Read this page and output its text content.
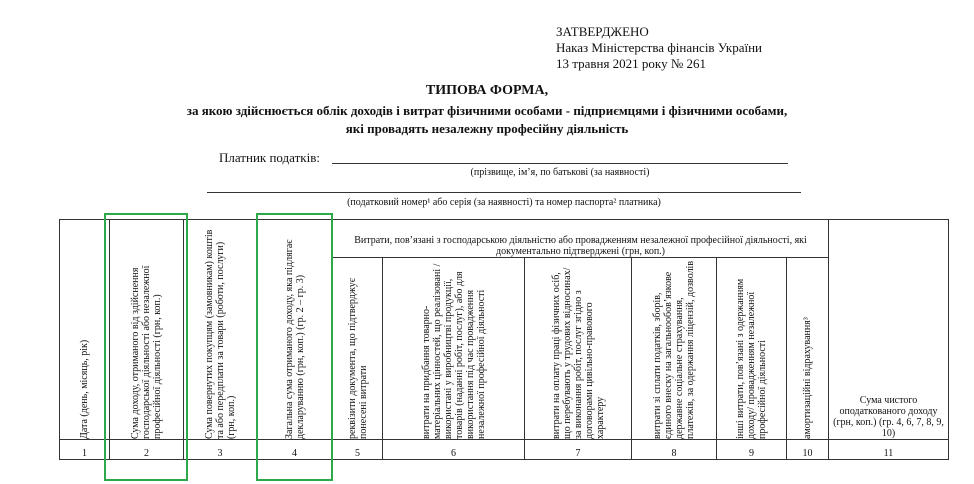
ЗАТВЕРДЖЕНО
Наказ Міністерства фінансів України
13 травня 2021 року № 261
ТИПОВА ФОРМА,
за якою здійснюється облік доходів і витрат фізичними особами - підприємцями і фізичними особами,
які провадять незалежну професійну діяльність
Платник податків:
(прізвище, ім’я, по батькові (за наявності)
(податковий номер¹ або серія (за наявності) та номер паспорта² платника)
Дата (день, місяць, рік)	Сума доходу, отриманого від здійснення господарської діяльності або незалежної професійної діяльності (грн, коп.)	Сума повернутих покупцям (замовникам) коштів та або передплати за товари (роботи, послуги) (грн, коп.)	Загальна сума отриманого доходу, яка підлягає декларуванню (грн, коп.) (гр. 2 – гр. 3)	Витрати, пов’язані з господарською діяльністю або провадженням незалежної професійної діяльності, які документально підтверджені (грн, коп.)						Сума чистого оподаткованого доходу (грн, коп.) (гр. 4, 6, 7, 8, 9, 10)

				реквізити документа, що підтверджує понесені витрати	витрати на придбання товарно-матеріальних цінностей, що реалізовані / використані у виробництві продукції, товарів (наданні робіт, послуг), або для використання під час провадження незалежної професійної діяльності	витрати на оплату праці фізичних осіб, що перебувають у трудових відносинах/ за виконання робіт, послуг згідно з договорами цивільно-правового характеру	витрати зі сплати податків, зборів, єдиного внеску на загальнообов’язкове державне соціальне страхування, платежів, за одержання ліцензій, дозволів	інші витрати, пов’язані з одержанням доходу/ провадженням незалежної професійної діяльності	амортизаційні відрахування³	

1	2	3	4	5	6	7	8	9	10	11
